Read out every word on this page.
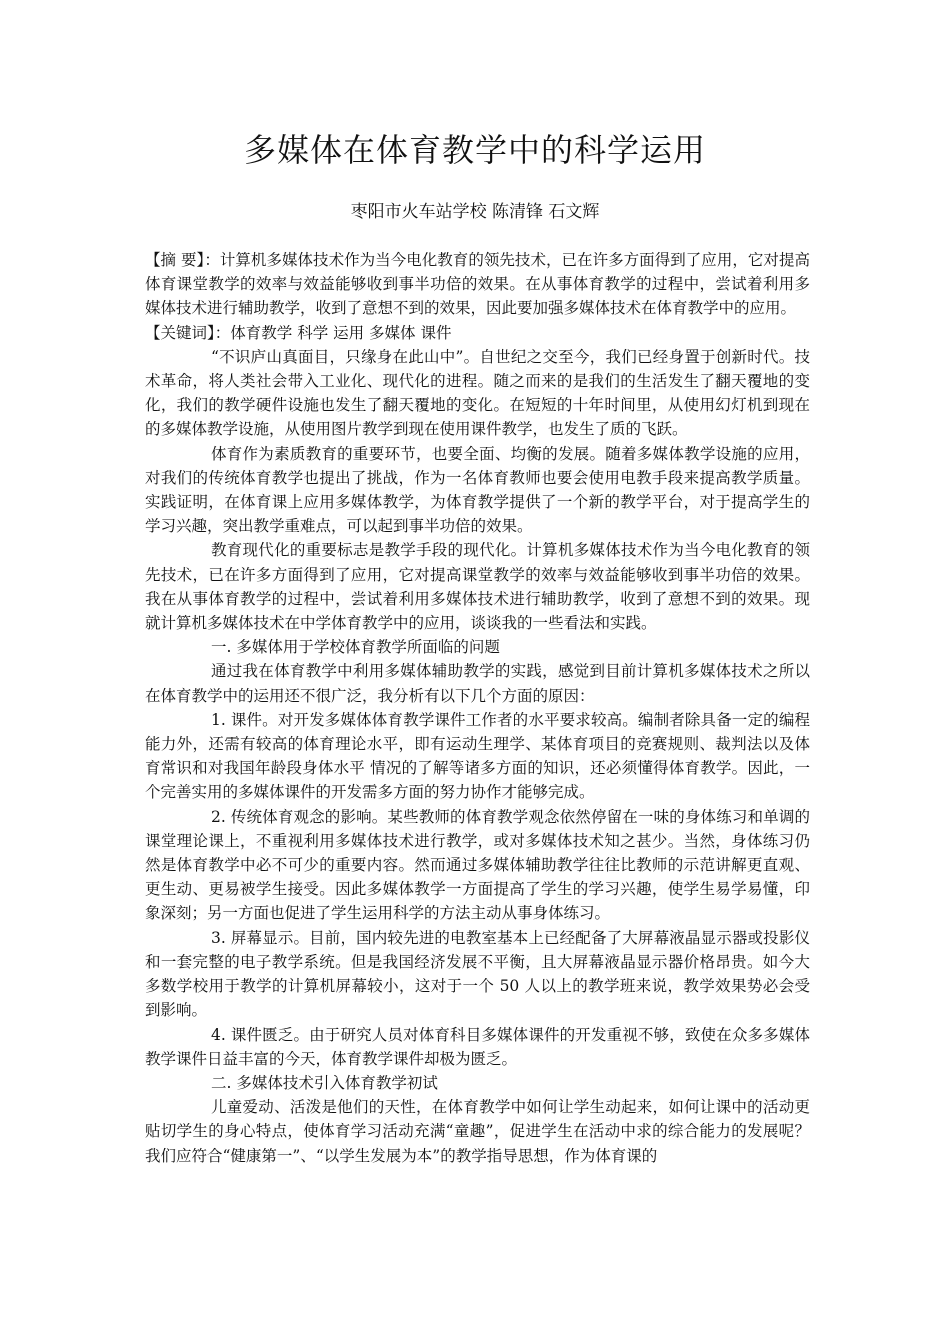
多媒体在体育教学中的科学运用
枣阳市火车站学校 陈清锋 石文辉

【摘 要】：计算机多媒体技术作为当今电化教育的领先技术，已在许多方面得到了应用，它对提高体育课堂教学的效率与效益能够收到事半功倍的效果。在从事体育教学的过程中，尝试着利用多媒体技术进行辅助教学，收到了意想不到的效果，因此要加强多媒体技术在体育教学中的应用。

【关键词】：体育教学 科学 运用 多媒体 课件

“不识庐山真面目，只缘身在此山中”。自世纪之交至今，我们已经身置于创新时代。技术革命，将人类社会带入工业化、现代化的进程。随之而来的是我们的生活发生了翻天覆地的变化，我们的教学硬件设施也发生了翻天覆地的变化。在短短的十年时间里，从使用幻灯机到现在的多媒体教学设施，从使用图片教学到现在使用课件教学，也发生了质的飞跃。

体育作为素质教育的重要环节，也要全面、均衡的发展。随着多媒体教学设施的应用，对我们的传统体育教学也提出了挑战，作为一名体育教师也要会使用电教手段来提高教学质量。实践证明，在体育课上应用多媒体教学，为体育教学提供了一个新的教学平台，对于提高学生的学习兴趣，突出教学重难点，可以起到事半功倍的效果。

教育现代化的重要标志是教学手段的现代化。计算机多媒体技术作为当今电化教育的领先技术，已在许多方面得到了应用，它对提高课堂教学的效率与效益能够收到事半功倍的效果。我在从事体育教学的过程中，尝试着利用多媒体技术进行辅助教学，收到了意想不到的效果。现就计算机多媒体技术在中学体育教学中的应用，谈谈我的一些看法和实践。

一. 多媒体用于学校体育教学所面临的问题

通过我在体育教学中利用多媒体辅助教学的实践，感觉到目前计算机多媒体技术之所以在体育教学中的运用还不很广泛，我分析有以下几个方面的原因：

1. 课件。对开发多媒体体育教学课件工作者的水平要求较高。编制者除具备一定的编程能力外，还需有较高的体育理论水平，即有运动生理学、某体育项目的竞赛规则、裁判法以及体育常识和对我国年龄段身体水平 情况的了解等诸多方面的知识，还必须懂得体育教学。因此，一个完善实用的多媒体课件的开发需多方面的努力协作才能够完成。

2. 传统体育观念的影响。某些教师的体育教学观念依然停留在一味的身体练习和单调的课堂理论课上，不重视利用多媒体技术进行教学，或对多媒体技术知之甚少。当然，身体练习仍然是体育教学中必不可少的重要内容。然而通过多媒体辅助教学往往比教师的示范讲解更直观、更生动、更易被学生接受。因此多媒体教学一方面提高了学生的学习兴趣，使学生易学易懂，印象深刻；另一方面也促进了学生运用科学的方法主动从事身体练习。

3. 屏幕显示。目前，国内较先进的电教室基本上已经配备了大屏幕液晶显示器或投影仪和一套完整的电子教学系统。但是我国经济发展不平衡，且大屏幕液晶显示器价格昂贵。如今大多数学校用于教学的计算机屏幕较小，这对于一个 50 人以上的教学班来说，教学效果势必会受到影响。

4. 课件匮乏。由于研究人员对体育科目多媒体课件的开发重视不够，致使在众多多媒体教学课件日益丰富的今天，体育教学课件却极为匮乏。

二. 多媒体技术引入体育教学初试

儿童爱动、活泼是他们的天性，在体育教学中如何让学生动起来，如何让课中的活动更贴切学生的身心特点，使体育学习活动充满“童趣”，促进学生在活动中求的综合能力的发展呢？我们应符合“健康第一”、“以学生发展为本”的教学指导思想，作为体育课的
